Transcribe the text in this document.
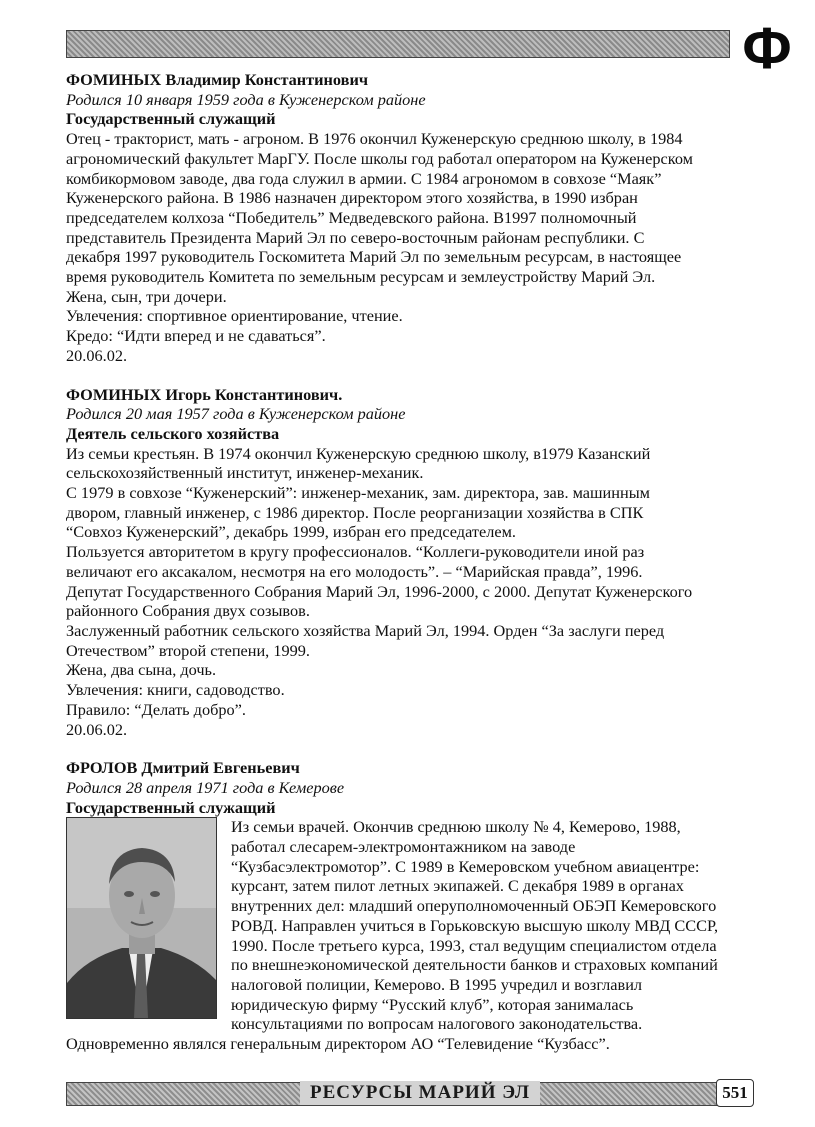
Ф
ФОМИНЫХ Владимир Константинович
Родился 10 января 1959 года в Куженерском районе
Государственный служащий
Отец - тракторист, мать - агроном. В 1976 окончил Куженерскую среднюю школу, в 1984
агрономический факультет МарГУ. После школы год работал оператором на Куженерском
комбикормовом заводе, два года служил в армии. С 1984 агрономом в совхозе “Маяк”
Куженерского района. В 1986 назначен директором этого хозяйства, в 1990 избран
председателем колхоза “Победитель” Медведевского района. В1997 полномочный
представитель Президента Марий Эл по северо-восточным районам республики. С
декабря 1997 руководитель Госкомитета Марий Эл по земельным ресурсам, в настоящее
время руководитель Комитета по земельным ресурсам и землеустройству Марий Эл.
Жена, сын, три дочери.
Увлечения: спортивное ориентирование, чтение.
Кредо: “Идти вперед и не сдаваться”.
20.06.02.
ФОМИНЫХ Игорь Константинович.
Родился 20 мая 1957 года в Куженерском районе
Деятель сельского хозяйства
Из семьи крестьян. В 1974 окончил Куженерскую среднюю школу, в1979 Казанский
сельскохозяйственный институт, инженер-механик.
С 1979 в совхозе “Куженерский”: инженер-механик, зам. директора, зав. машинным
двором, главный инженер, с 1986 директор. После реорганизации хозяйства в СПК
“Совхоз Куженерский”, декабрь 1999, избран его председателем.
Пользуется авторитетом в кругу профессионалов. “Коллеги-руководители иной раз
величают его аксакалом, несмотря на его молодость”. – “Марийская правда”, 1996.
Депутат Государственного Собрания Марий Эл, 1996-2000, с 2000. Депутат Куженерского
районного Собрания двух созывов.
Заслуженный работник сельского хозяйства Марий Эл, 1994. Орден “За заслуги перед
Отечеством” второй степени, 1999.
Жена, два сына, дочь.
Увлечения: книги, садоводство.
Правило: “Делать добро”.
20.06.02.
ФРОЛОВ Дмитрий Евгеньевич
Родился 28 апреля 1971 года в Кемерове
Государственный служащий
Из семьи врачей. Окончив среднюю школу № 4, Кемерово, 1988,
работал слесарем-электромонтажником на заводе
“Кузбасэлектромотор”. С 1989 в Кемеровском учебном авиацентре:
курсант, затем пилот летных экипажей. С декабря 1989 в органах
внутренних дел: младший оперуполномоченный ОБЭП Кемеровского
РОВД. Направлен учиться в Горьковскую высшую школу МВД СССР,
1990. После третьего курса, 1993, стал ведущим специалистом отдела
по внешнеэкономической деятельности банков и страховых компаний
налоговой полиции, Кемерово. В 1995 учредил и возглавил
юридическую фирму “Русский клуб”, которая занималась
консультациями по вопросам налогового законодательства.
Одновременно являлся генеральным директором АО “Телевидение “Кузбасс”.
РЕСУРСЫ МАРИЙ ЭЛ	551
